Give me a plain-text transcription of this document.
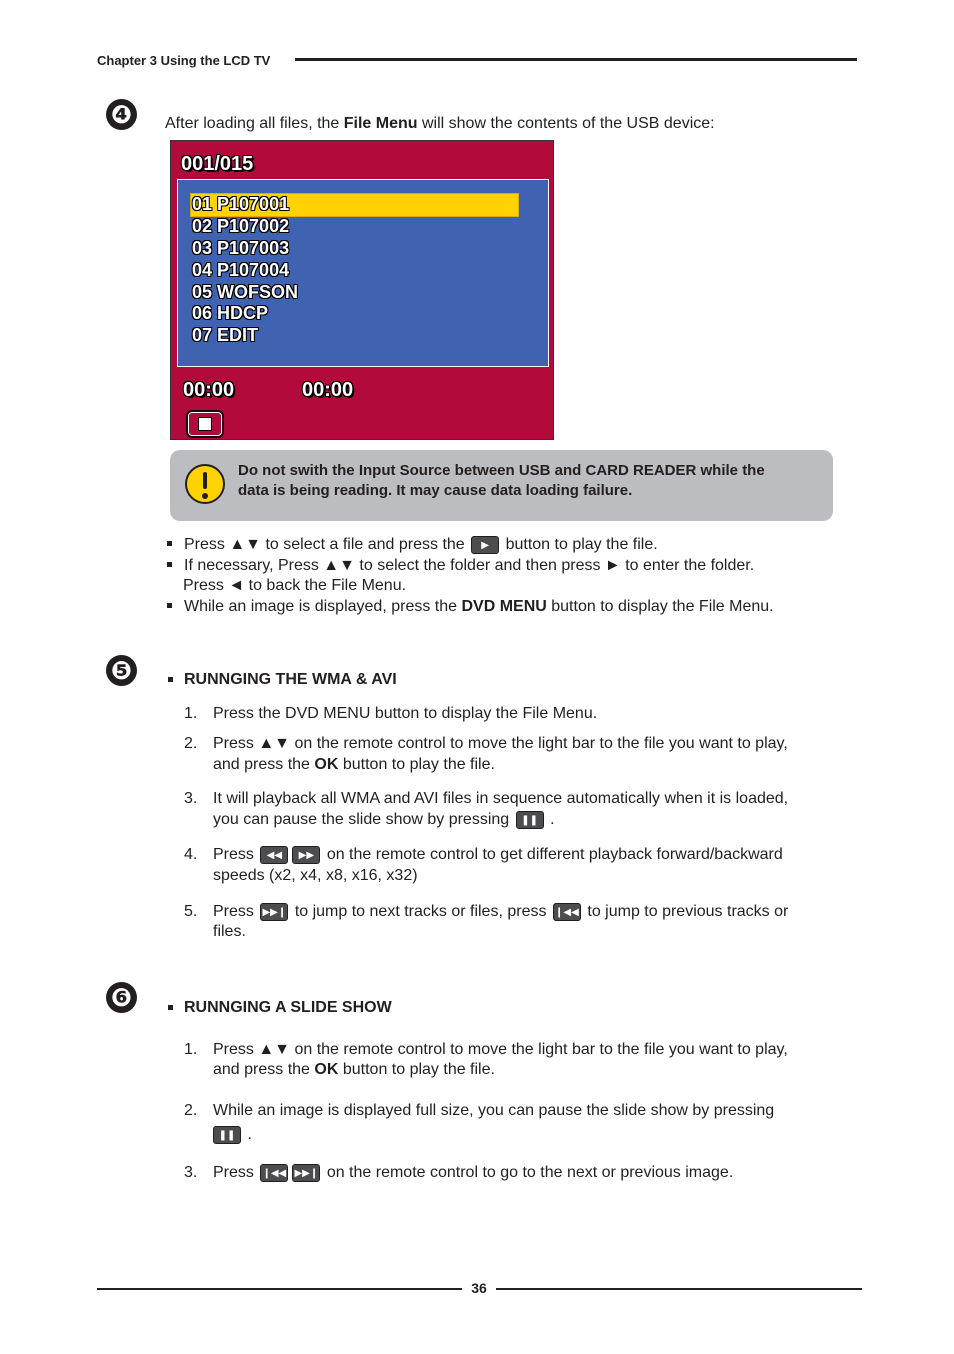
Chapter 3 Using the LCD TV
❹	After loading all files, the File Menu will show the contents of the USB device:
001/015
01 P107001
02 P107002
03 P107003
04 P107004
05 WOFSON
06 HDCP
07 EDIT
00:00	00:00
Do not swith the Input Source between USB and CARD READER while the
data is being reading. It may cause data loading failure.
Press ▲▼ to select a file and press the ▶ button to play the file.
If necessary, Press ▲▼ to select the folder and then press ► to enter the folder.
Press ◄ to back the File Menu.
While an image is displayed, press the DVD MENU button to display the File Menu.
❺	RUNNGING THE WMA & AVI
1. Press the DVD MENU button to display the File Menu.
2. Press ▲▼ on the remote control to move the light bar to the file you want to play,
and press the OK button to play the file.
3. It will playback all WMA and AVI files in sequence automatically when it is loaded,
you can pause the slide show by pressing ❚❚ .
4. Press ◀◀ ▶▶ on the remote control to get different playback forward/backward
speeds (x2, x4, x8, x16, x32)
5. Press ▶▶❙ to jump to next tracks or files, press ❙◀◀ to jump to previous tracks or
files.
❻	RUNNGING A SLIDE SHOW
1. Press ▲▼ on the remote control to move the light bar to the file you want to play,
and press the OK button to play the file.
2. While an image is displayed full size, you can pause the slide show by pressing
❚❚ .
3. Press ❙◀◀ ▶▶❙ on the remote control to go to the next or previous image.
36
